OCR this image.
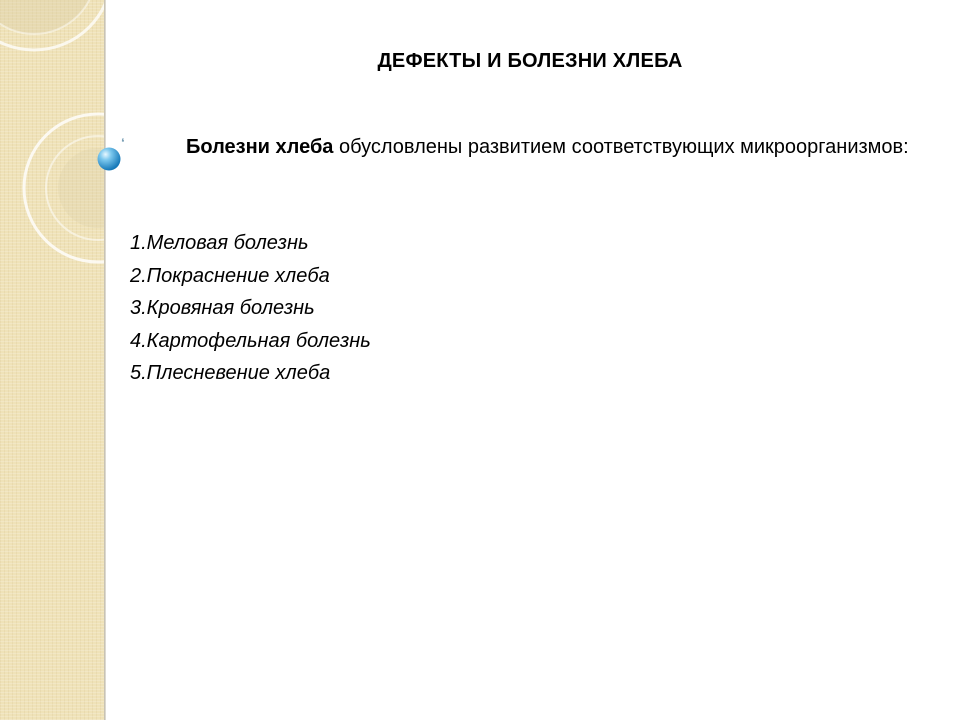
❛
ДЕФЕКТЫ И БОЛЕЗНИ ХЛЕБА
Болезни хлеба обусловлены развитием соответствующих микроорганизмов:
1.Меловая болезнь
2.Покраснение хлеба
3.Кровяная болезнь
4.Картофельная болезнь
5.Плесневение хлеба
